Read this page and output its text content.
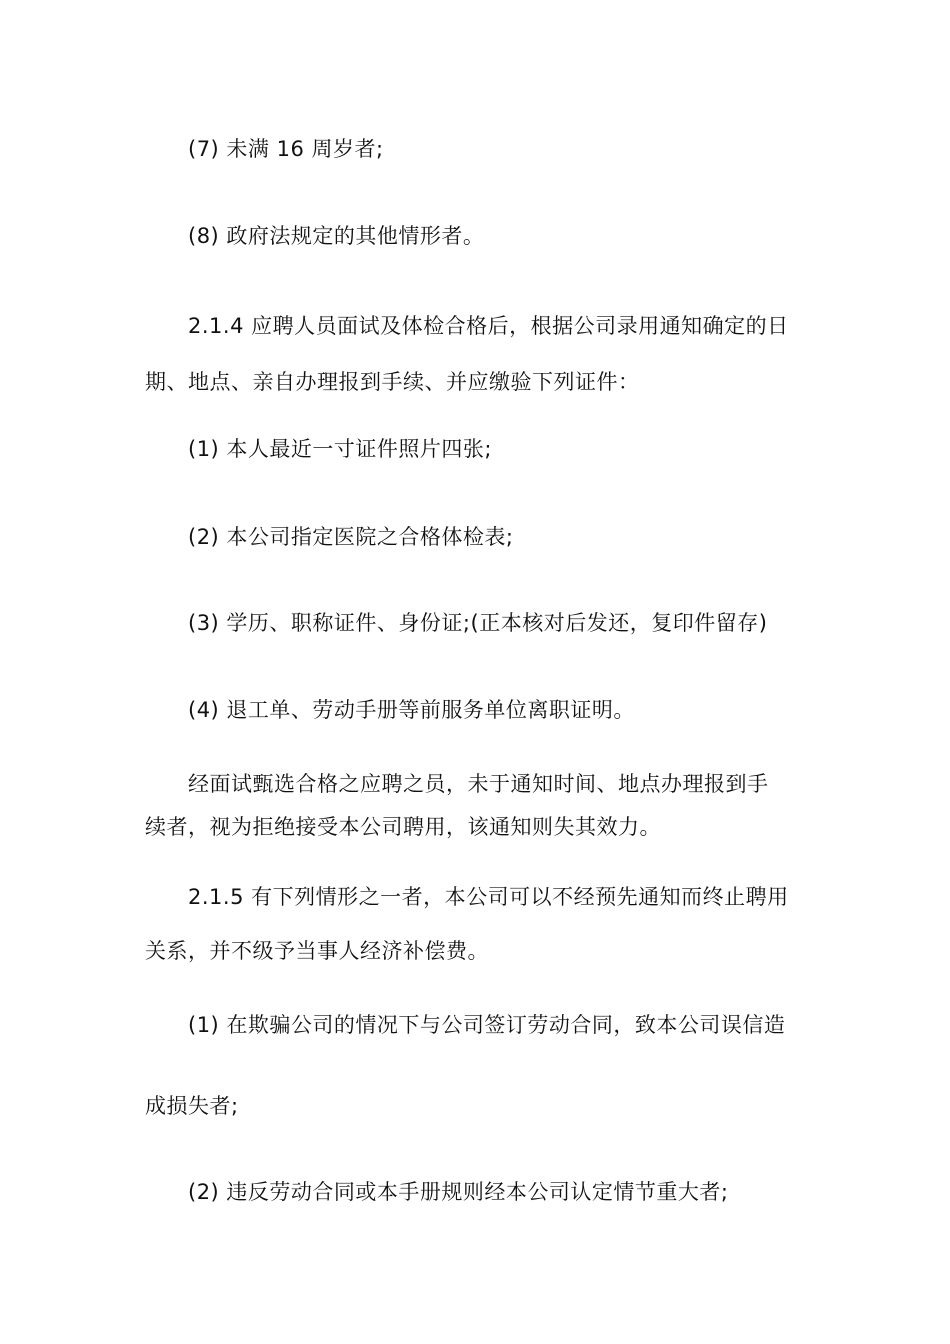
(7) 未满 16 周岁者;
(8) 政府法规定的其他情形者。
2.1.4 应聘人员面试及体检合格后，根据公司录用通知确定的日
期、地点、亲自办理报到手续、并应缴验下列证件：
(1) 本人最近一寸证件照片四张;
(2) 本公司指定医院之合格体检表;
(3) 学历、职称证件、身份证;(正本核对后发还，复印件留存)
(4) 退工单、劳动手册等前服务单位离职证明。
经面试甄选合格之应聘之员，未于通知时间、地点办理报到手
续者，视为拒绝接受本公司聘用，该通知则失其效力。
2.1.5 有下列情形之一者，本公司可以不经预先通知而终止聘用
关系，并不级予当事人经济补偿费。
(1) 在欺骗公司的情况下与公司签订劳动合同，致本公司误信造
成损失者;
(2) 违反劳动合同或本手册规则经本公司认定情节重大者;
